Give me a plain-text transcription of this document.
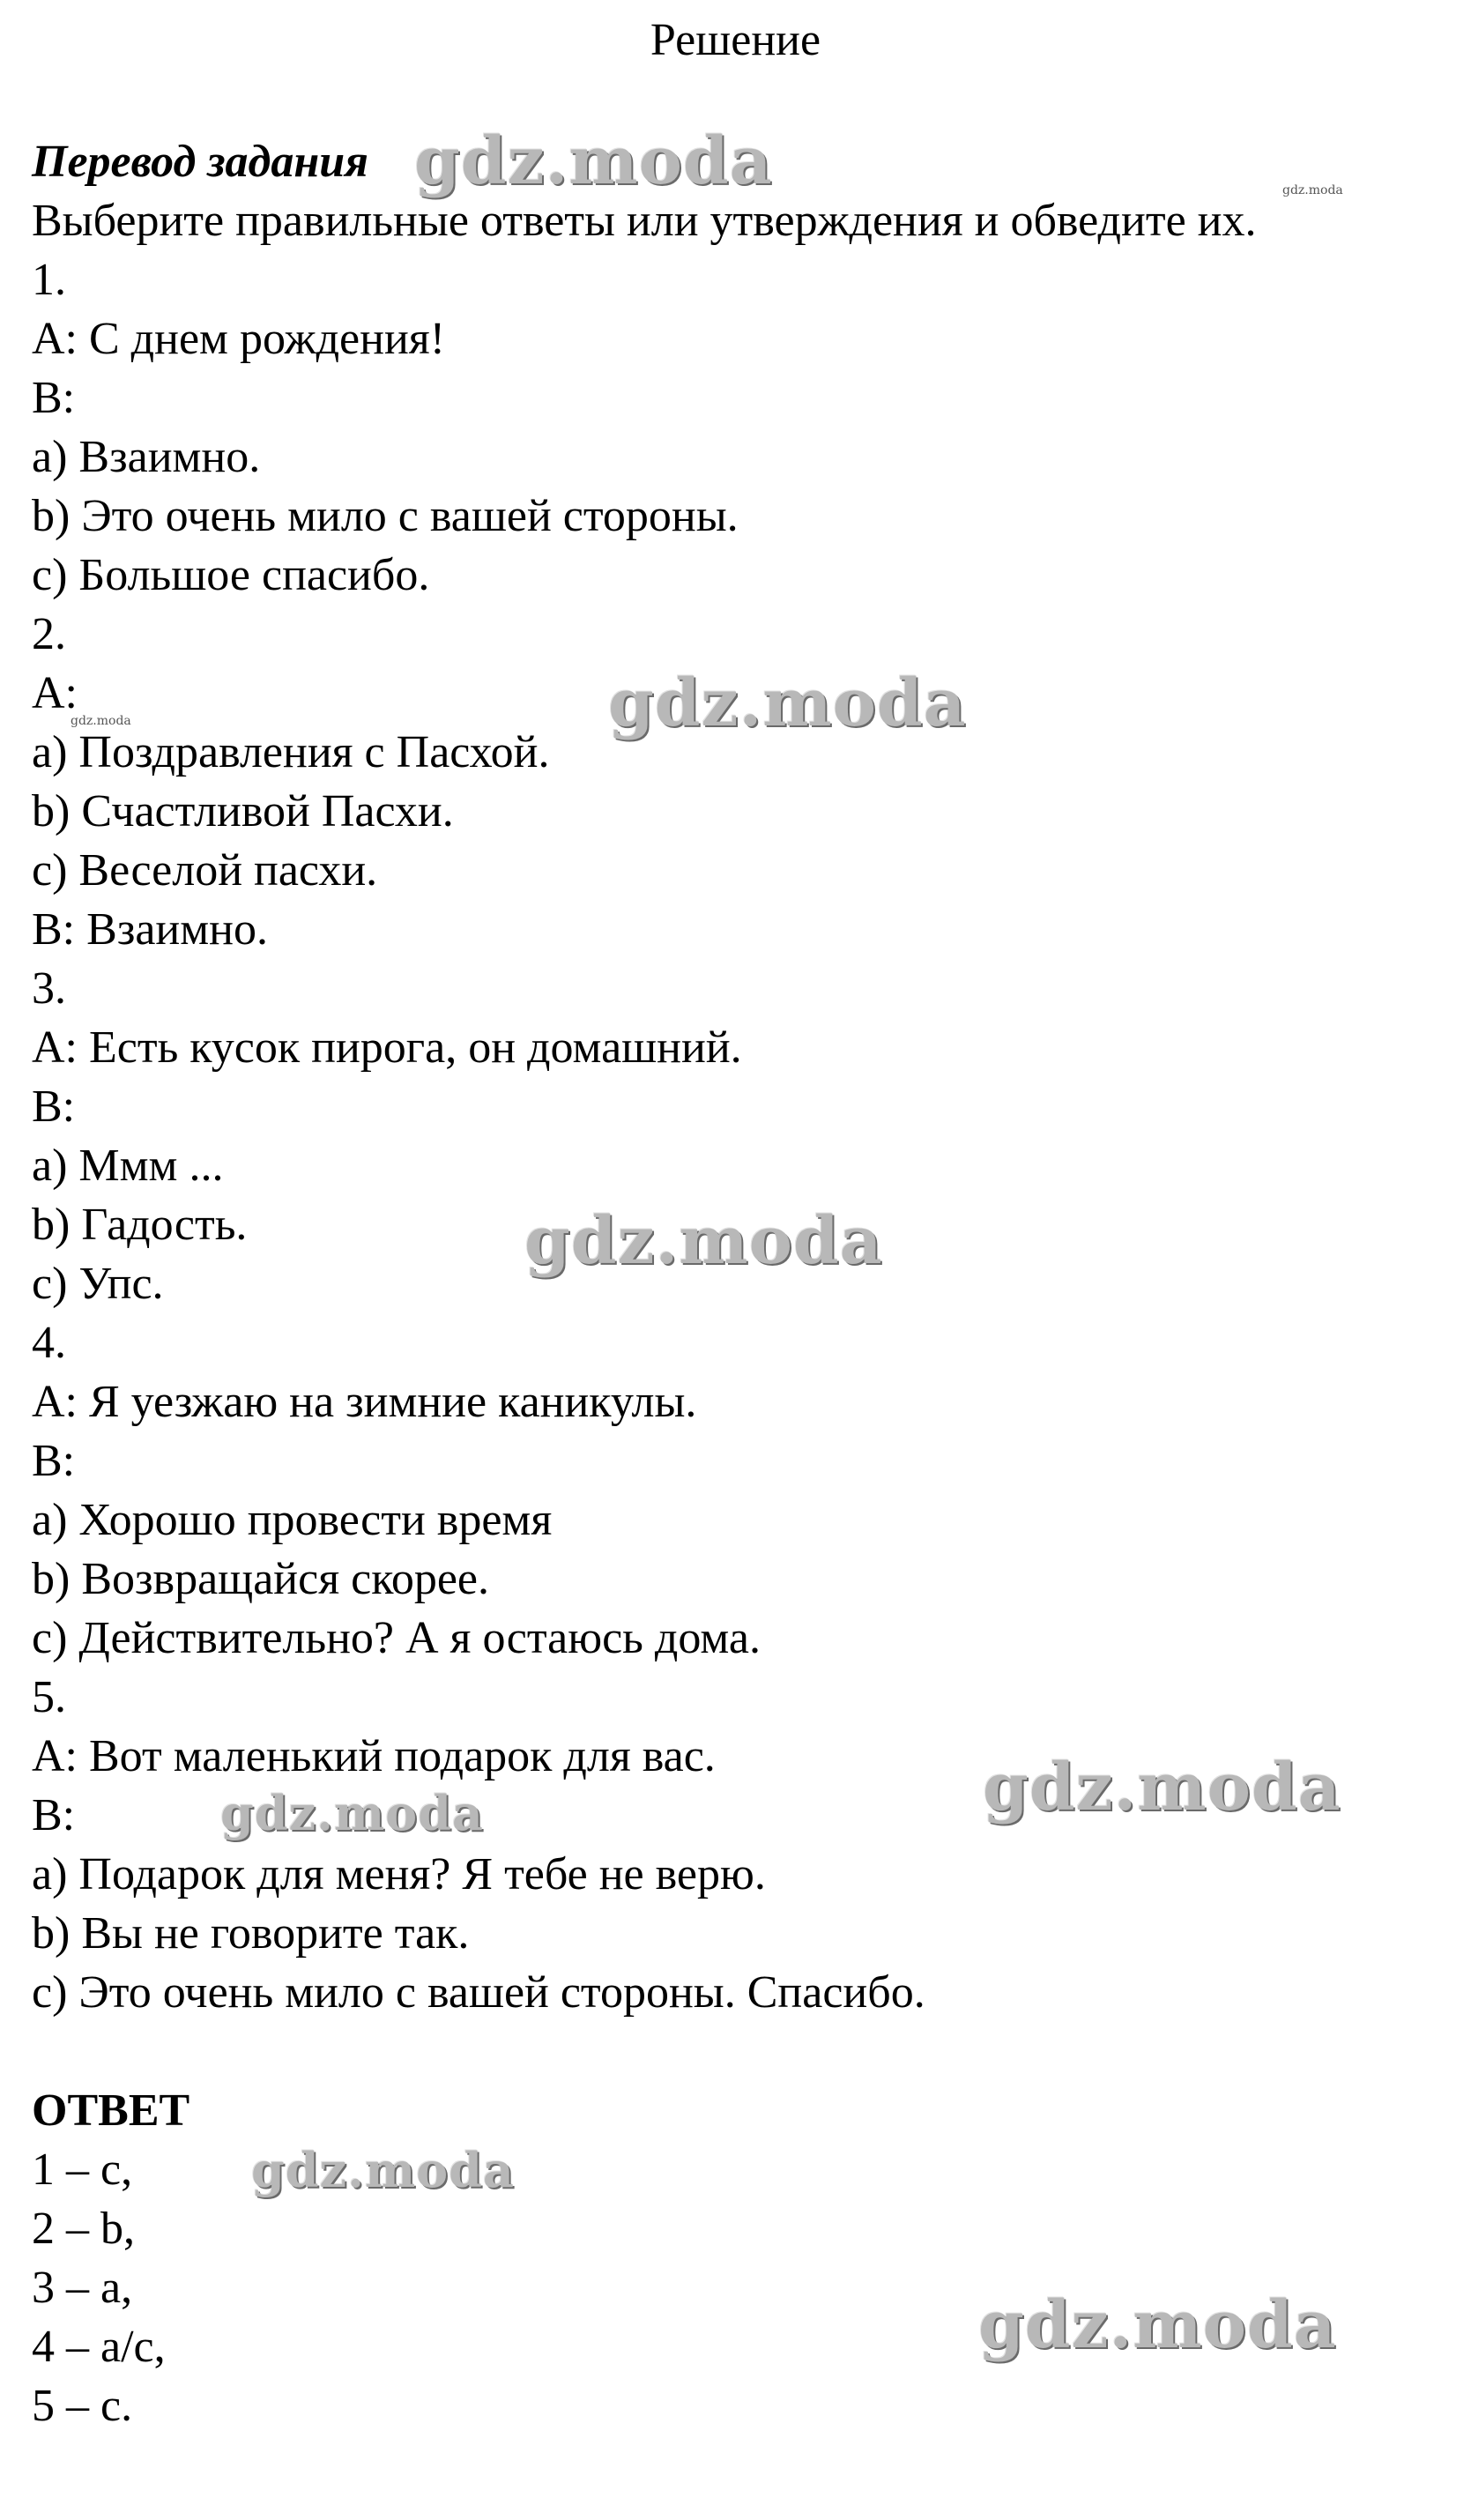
Решение
Перевод задания
Выберите правильные ответы или утверждения и обведите их.
1.
A: С днем рождения!
B:
a) Взаимно.
b) Это очень мило с вашей стороны.
c) Большое спасибо.
2.
A:
a) Поздравления с Пасхой.
b) Счастливой Пасхи.
c) Веселой пасхи.
B: Взаимно.
3.
A: Есть кусок пирога, он домашний.
B:
a) Ммм ...
b) Гадость.
c) Упс.
4.
A: Я уезжаю на зимние каникулы.
B:
a) Хорошо провести время
b) Возвращайся скорее.
c) Действительно? А я остаюсь дома.
5.
A: Вот маленький подарок для вас.
B:
a) Подарок для меня? Я тебе не верю.
b) Вы не говорите так.
c) Это очень мило с вашей стороны. Спасибо.
ОТВЕТ
1 – c,
2 – b,
3 – a,
4 – a/c,
5 – c.
gdz.moda	gdz.moda
gdz.moda
gdz.moda
gdz.moda
gdz.moda
gdz.moda
gdz.moda
gdz.moda
